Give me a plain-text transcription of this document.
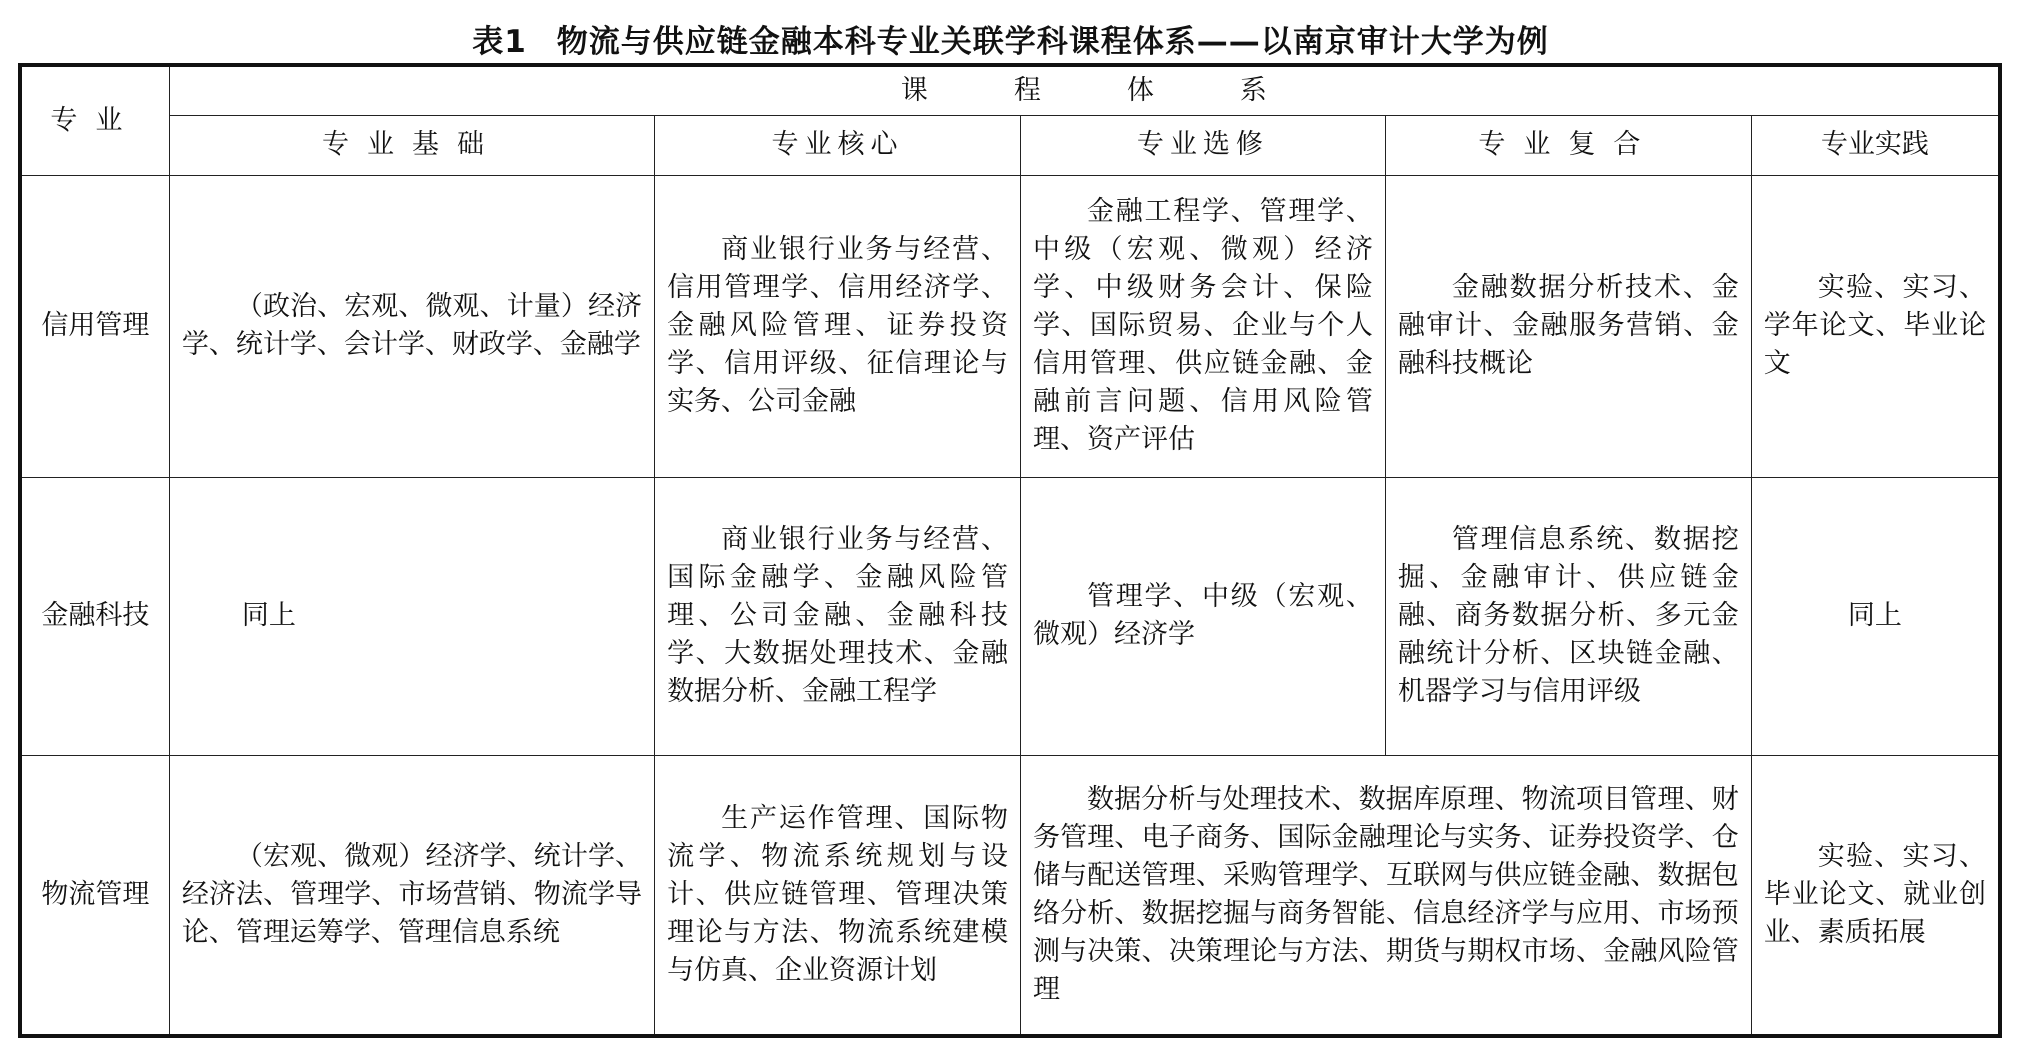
表1 物流与供应链金融本科专业关联学科课程体系——以南京审计大学为例
专业	课程体系				
	专业基础	专业核心	专业选修	专业复合	专业实践
信用管理	（政治、宏观、微观、计量）经济学、统计学、会计学、财政学、金融学	商业银行业务与经营、信用管理学、信用经济学、金融风险管理、证券投资学、信用评级、征信理论与实务、公司金融	金融工程学、管理学、中级（宏观、微观）经济学、中级财务会计、保险学、国际贸易、企业与个人信用管理、供应链金融、金融前言问题、信用风险管理、资产评估	金融数据分析技术、金融审计、金融服务营销、金融科技概论	实验、实习、学年论文、毕业论文
金融科技	同上	商业银行业务与经营、国际金融学、金融风险管理、公司金融、金融科技学、大数据处理技术、金融数据分析、金融工程学	管理学、中级（宏观、微观）经济学	管理信息系统、数据挖掘、金融审计、供应链金融、商务数据分析、多元金融统计分析、区块链金融、机器学习与信用评级	同上
物流管理	（宏观、微观）经济学、统计学、经济法、管理学、市场营销、物流学导论、管理运筹学、管理信息系统	生产运作管理、国际物流学、物流系统规划与设计、供应链管理、管理决策理论与方法、物流系统建模与仿真、企业资源计划	数据分析与处理技术、数据库原理、物流项目管理、财务管理、电子商务、国际金融理论与实务、证券投资学、仓储与配送管理、采购管理学、互联网与供应链金融、数据包络分析、数据挖掘与商务智能、信息经济学与应用、市场预测与决策、决策理论与方法、期货与期权市场、金融风险管理		实验、实习、毕业论文、就业创业、素质拓展
